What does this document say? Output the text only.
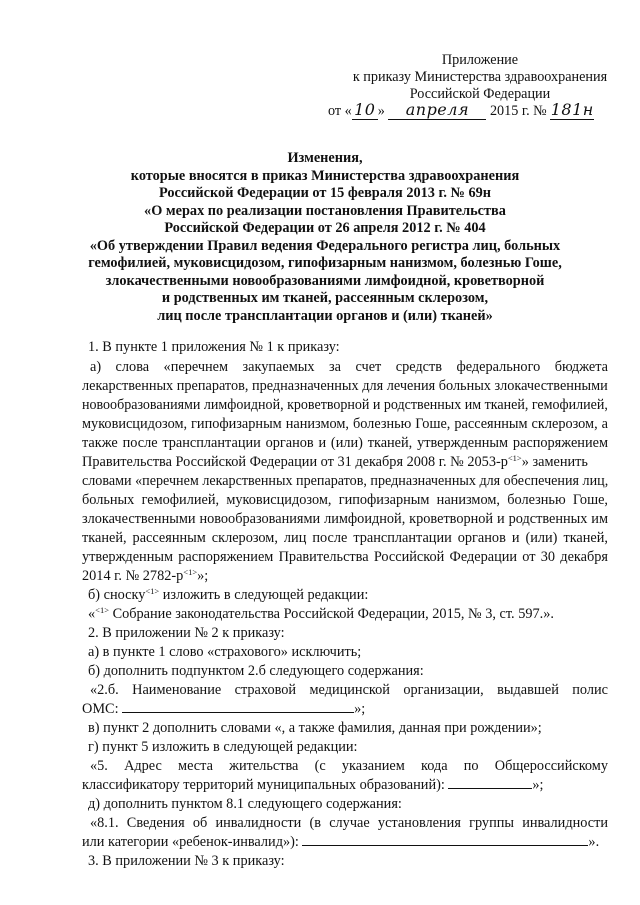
Приложение
к приказу Министерства здравоохранения
Российской Федерации
от « 10 » апреля 2015 г. № 181н
Изменения,
которые вносятся в приказ Министерства здравоохранения
Российской Федерации от 15 февраля 2013 г. № 69н
«О мерах по реализации постановления Правительства
Российской Федерации от 26 апреля 2012 г. № 404
«Об утверждении Правил ведения Федерального регистра лиц, больных
гемофилией, муковисцидозом, гипофизарным нанизмом, болезнью Гоше,
злокачественными новообразованиями лимфоидной, кроветворной
и родственных им тканей, рассеянным склерозом,
лиц после трансплантации органов и (или) тканей»
1. В пункте 1 приложения № 1 к приказу:
а) слова «перечнем закупаемых за счет средств федерального бюджета
лекарственных препаратов, предназначенных для лечения больных злокачественными
новообразованиями лимфоидной, кроветворной и родственных им тканей, гемофилией,
муковисцидозом, гипофизарным нанизмом, болезнью Гоше, рассеянным склерозом, а
также после трансплантации органов и (или) тканей, утвержденным распоряжением
Правительства Российской Федерации от 31 декабря 2008 г. № $2053-р^{<1>}$» заменить
словами «перечнем лекарственных препаратов, предназначенных для обеспечения лиц,
больных гемофилией, муковисцидозом, гипофизарным нанизмом, болезнью Гоше,
злокачественными новообразованиями лимфоидной, кроветворной и родственных им
тканей, рассеянным склерозом, лиц после трансплантации органов и (или) тканей,
утвержденным распоряжением Правительства Российской Федерации от 30 декабря
2014 г. № $2782-р^{<1>}$»;
б) сноску$^{<1>}$ изложить в следующей редакции:
«$^{<1>}$ Собрание законодательства Российской Федерации, 2015, № 3, ст. 597.».
2. В приложении № 2 к приказу:
а) в пункте 1 слово «страхового» исключить;
б) дополнить подпунктом 2.б следующего содержания:
«2.б. Наименование страховой медицинской организации, выдавшей полис
ОМС:	»;
в) пункт 2 дополнить словами «, а также фамилия, данная при рождении»;
г) пункт 5 изложить в следующей редакции:
«5. Адрес места жительства (с указанием кода по Общероссийскому
классификатору территорий муниципальных образований):	»;
д) дополнить пунктом 8.1 следующего содержания:
«8.1. Сведения об инвалидности (в случае установления группы инвалидности
или категории «ребенок-инвалид»):	».
3. В приложении № 3 к приказу:
